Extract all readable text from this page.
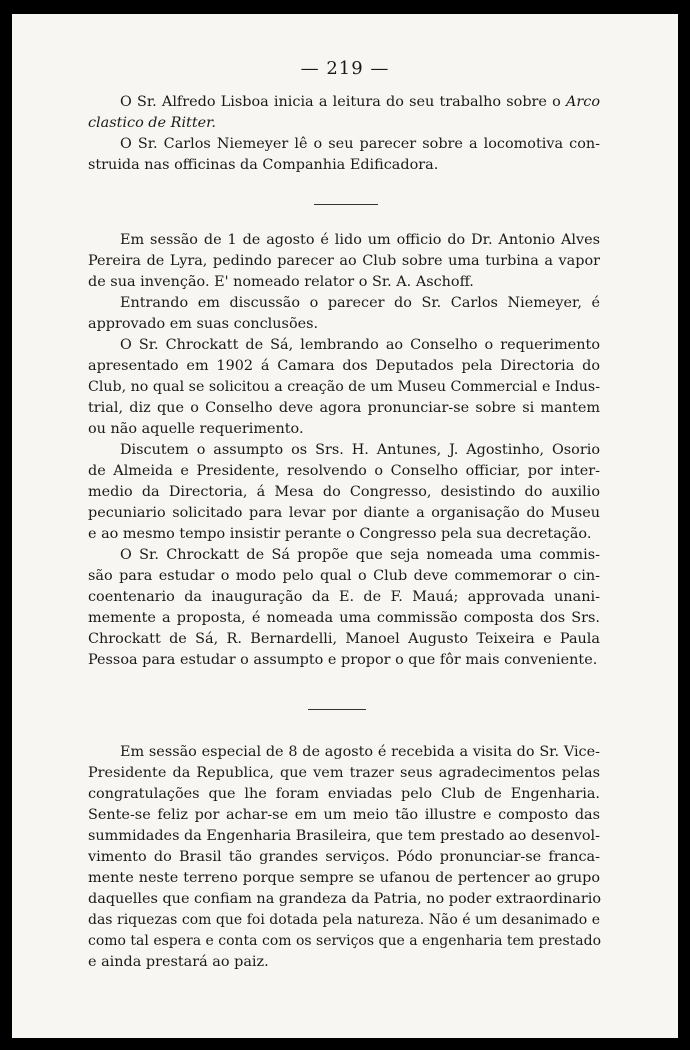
— 219 —
O Sr. Alfredo Lisboa inicia a leitura do seu trabalho sobre o Arco
clastico de Ritter.
O Sr. Carlos Niemeyer lê o seu parecer sobre a locomotiva con-
struida nas officinas da Companhia Edificadora.
Em sessão de 1 de agosto é lido um officio do Dr. Antonio Alves
Pereira de Lyra, pedindo parecer ao Club sobre uma turbina a vapor
de sua invenção. E' nomeado relator o Sr. A. Aschoff.
Entrando em discussão o parecer do Sr. Carlos Niemeyer, é
approvado em suas conclusões.
O Sr. Chrockatt de Sá, lembrando ao Conselho o requerimento
apresentado em 1902 á Camara dos Deputados pela Directoria do
Club, no qual se solicitou a creação de um Museu Commercial e Indus-
trial, diz que o Conselho deve agora pronunciar-se sobre si mantem
ou não aquelle requerimento.
Discutem o assumpto os Srs. H. Antunes, J. Agostinho, Osorio
de Almeida e Presidente, resolvendo o Conselho officiar, por inter-
medio da Directoria, á Mesa do Congresso, desistindo do auxilio
pecuniario solicitado para levar por diante a organisação do Museu
e ao mesmo tempo insistir perante o Congresso pela sua decretação.
O Sr. Chrockatt de Sá propõe que seja nomeada uma commis-
são para estudar o modo pelo qual o Club deve commemorar o cin-
coentenario da inauguração da E. de F. Mauá; approvada unani-
memente a proposta, é nomeada uma commissão composta dos Srs.
Chrockatt de Sá, R. Bernardelli, Manoel Augusto Teixeira e Paula
Pessoa para estudar o assumpto e propor o que fôr mais conveniente.
Em sessão especial de 8 de agosto é recebida a visita do Sr. Vice-
Presidente da Republica, que vem trazer seus agradecimentos pelas
congratulações que lhe foram enviadas pelo Club de Engenharia.
Sente-se feliz por achar-se em um meio tão illustre e composto das
summidades da Engenharia Brasileira, que tem prestado ao desenvol-
vimento do Brasil tão grandes serviços. Pódo pronunciar-se franca-
mente neste terreno porque sempre se ufanou de pertencer ao grupo
daquelles que confiam na grandeza da Patria, no poder extraordinario
das riquezas com que foi dotada pela natureza. Não é um desanimado e
como tal espera e conta com os serviços que a engenharia tem prestado
e ainda prestará ao paiz.
